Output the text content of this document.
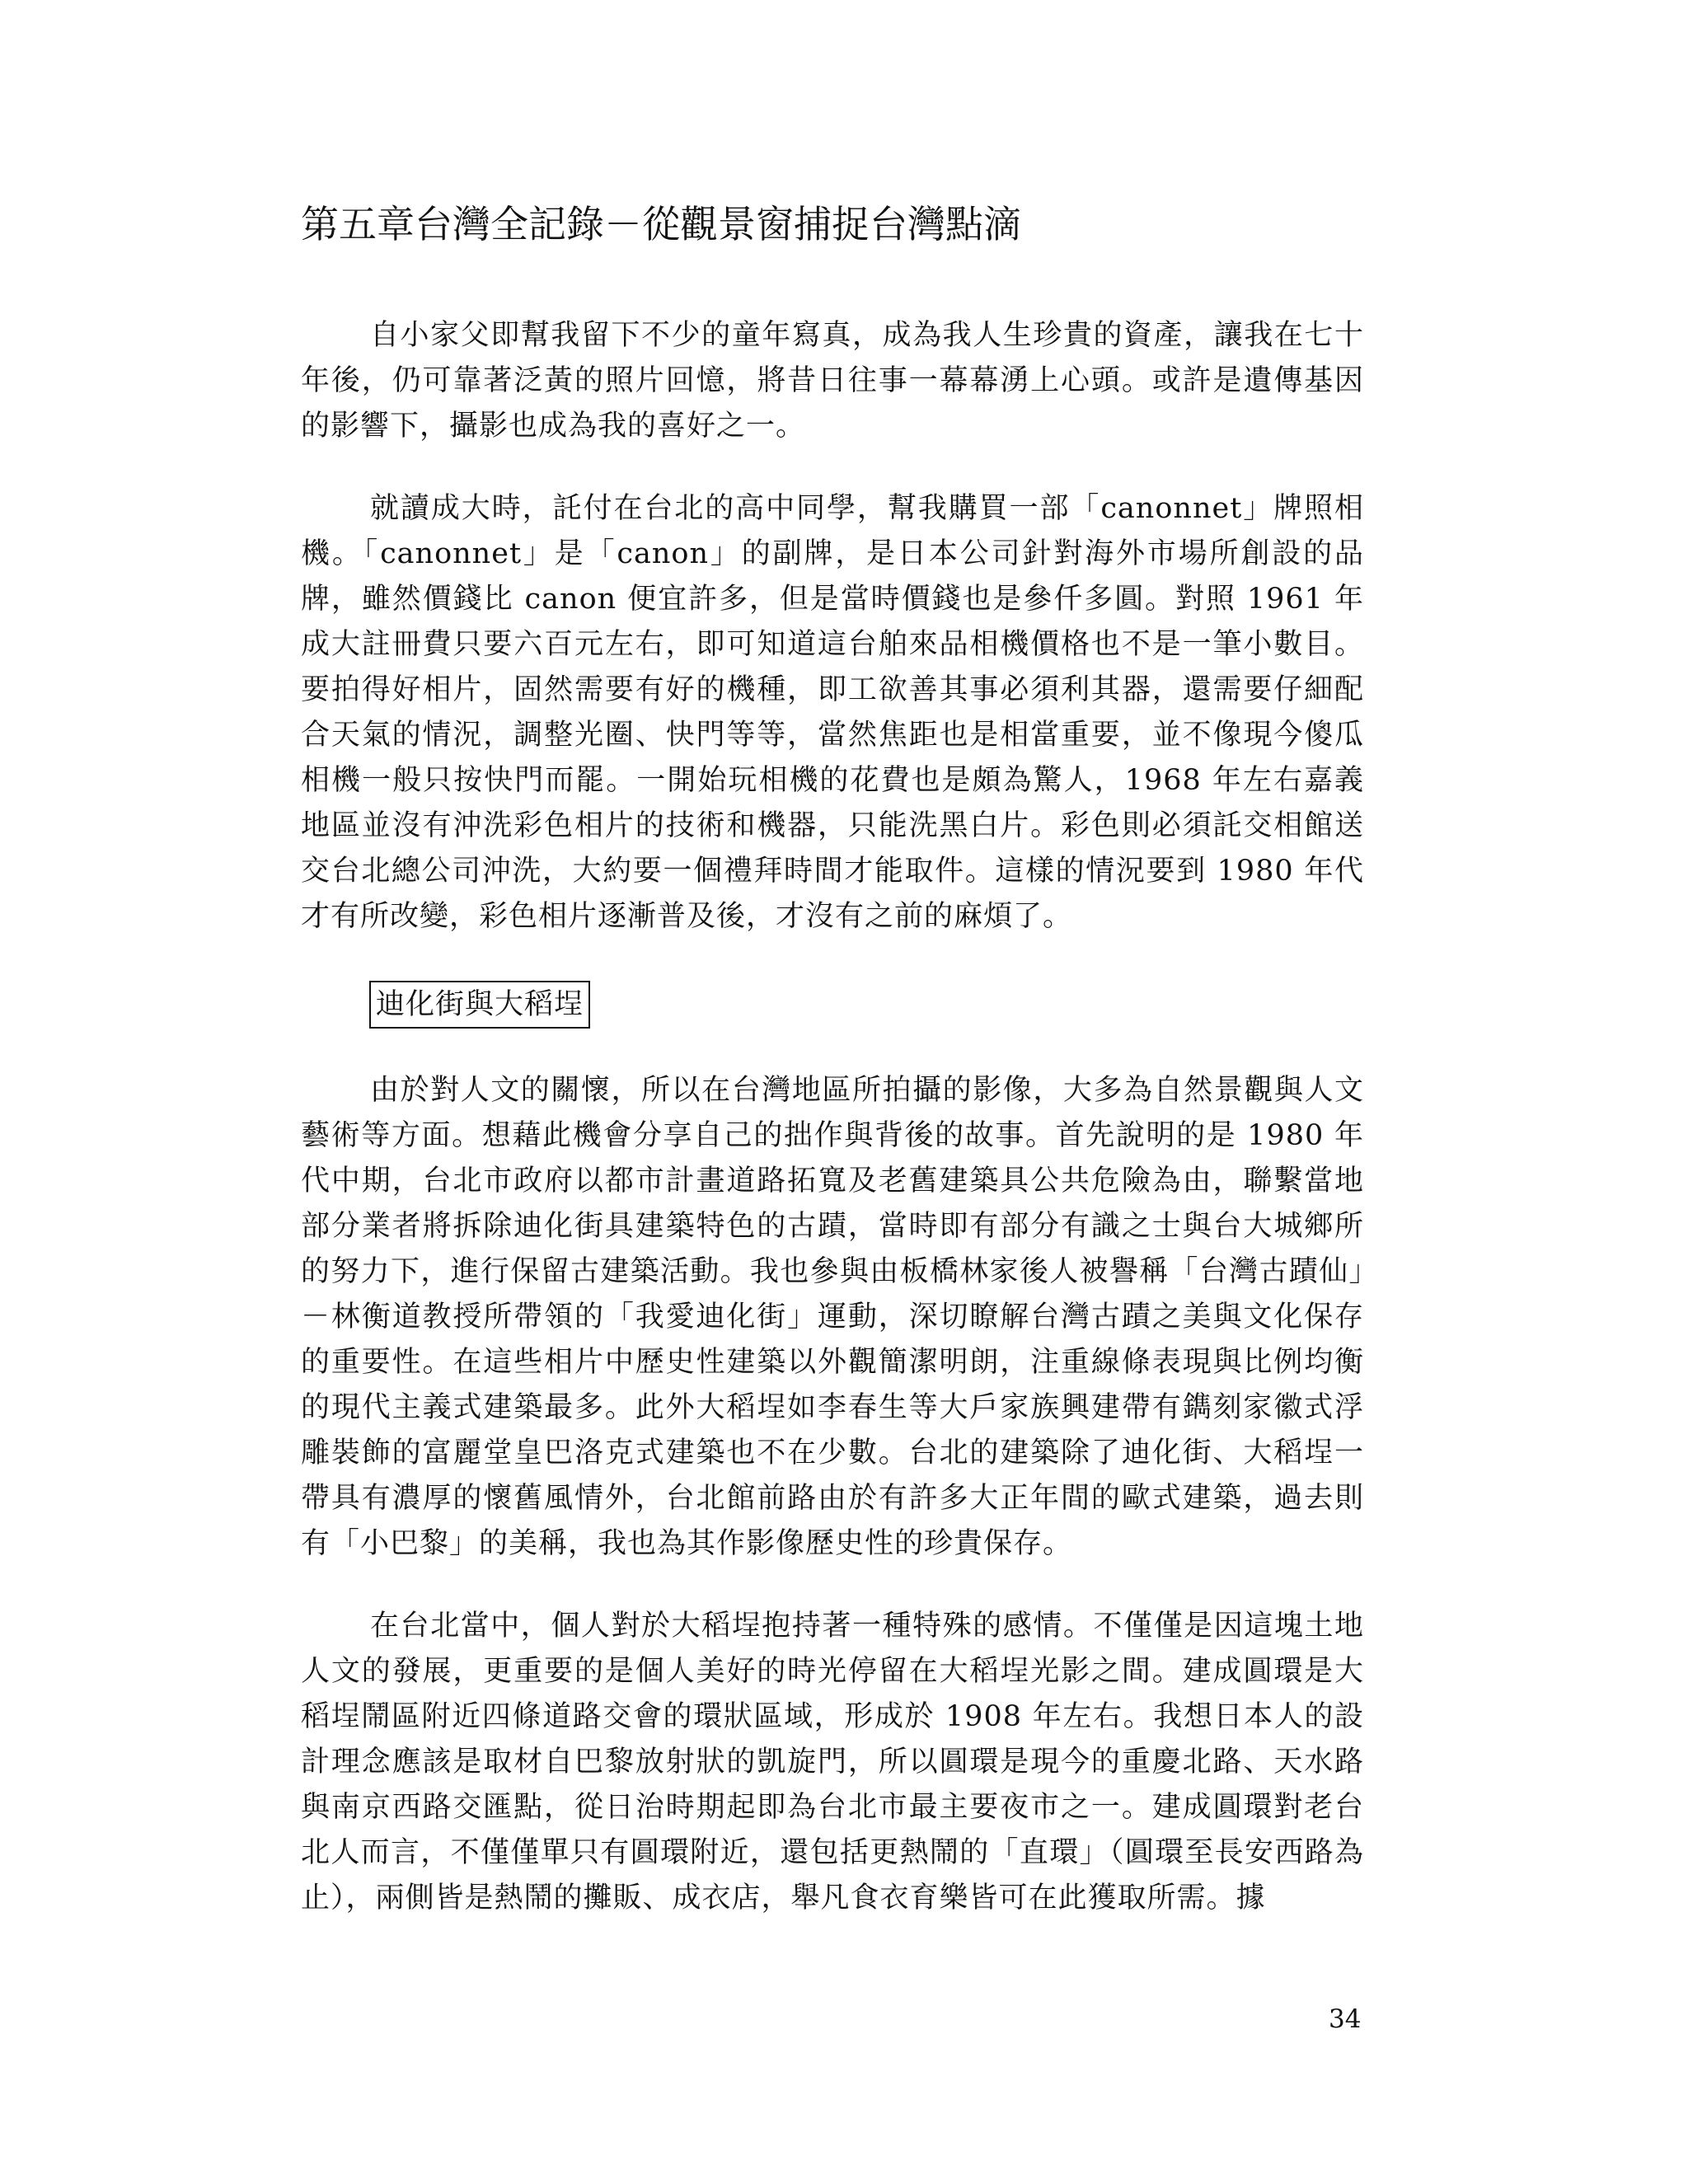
第五章台灣全記錄－從觀景窗捕捉台灣點滴

自小家父即幫我留下不少的童年寫真，成為我人生珍貴的資產，讓我在七十年後，仍可靠著泛黃的照片回憶，將昔日往事一幕幕湧上心頭。或許是遺傳基因的影響下，攝影也成為我的喜好之一。

就讀成大時，託付在台北的高中同學，幫我購買一部「canonnet」牌照相機。「canonnet」是「canon」的副牌，是日本公司針對海外市場所創設的品牌，雖然價錢比 canon 便宜許多，但是當時價錢也是參仟多圓。對照 1961 年成大註冊費只要六百元左右，即可知道這台舶來品相機價格也不是一筆小數目。要拍得好相片，固然需要有好的機種，即工欲善其事必須利其器，還需要仔細配合天氣的情況，調整光圈、快門等等，當然焦距也是相當重要，並不像現今傻瓜相機一般只按快門而罷。一開始玩相機的花費也是頗為驚人，1968 年左右嘉義地區並沒有沖洗彩色相片的技術和機器，只能洗黑白片。彩色則必須託交相館送交台北總公司沖洗，大約要一個禮拜時間才能取件。這樣的情況要到 1980 年代才有所改變，彩色相片逐漸普及後，才沒有之前的麻煩了。

迪化街與大稻埕

由於對人文的關懷，所以在台灣地區所拍攝的影像，大多為自然景觀與人文藝術等方面。想藉此機會分享自己的拙作與背後的故事。首先說明的是 1980 年代中期，台北市政府以都市計畫道路拓寬及老舊建築具公共危險為由，聯繫當地部分業者將拆除迪化街具建築特色的古蹟，當時即有部分有識之士與台大城鄉所的努力下，進行保留古建築活動。我也參與由板橋林家後人被譽稱「台灣古蹟仙」－林衡道教授所帶領的「我愛迪化街」運動，深切瞭解台灣古蹟之美與文化保存的重要性。在這些相片中歷史性建築以外觀簡潔明朗，注重線條表現與比例均衡的現代主義式建築最多。此外大稻埕如李春生等大戶家族興建帶有鐫刻家徽式浮雕裝飾的富麗堂皇巴洛克式建築也不在少數。台北的建築除了迪化街、大稻埕一帶具有濃厚的懷舊風情外，台北館前路由於有許多大正年間的歐式建築，過去則有「小巴黎」的美稱，我也為其作影像歷史性的珍貴保存。

在台北當中，個人對於大稻埕抱持著一種特殊的感情。不僅僅是因這塊土地人文的發展，更重要的是個人美好的時光停留在大稻埕光影之間。建成圓環是大稻埕鬧區附近四條道路交會的環狀區域，形成於 1908 年左右。我想日本人的設計理念應該是取材自巴黎放射狀的凱旋門，所以圓環是現今的重慶北路、天水路與南京西路交匯點，從日治時期起即為台北市最主要夜市之一。建成圓環對老台北人而言，不僅僅單只有圓環附近，還包括更熱鬧的「直環」（圓環至長安西路為止），兩側皆是熱鬧的攤販、成衣店，舉凡食衣育樂皆可在此獲取所需。據

34
